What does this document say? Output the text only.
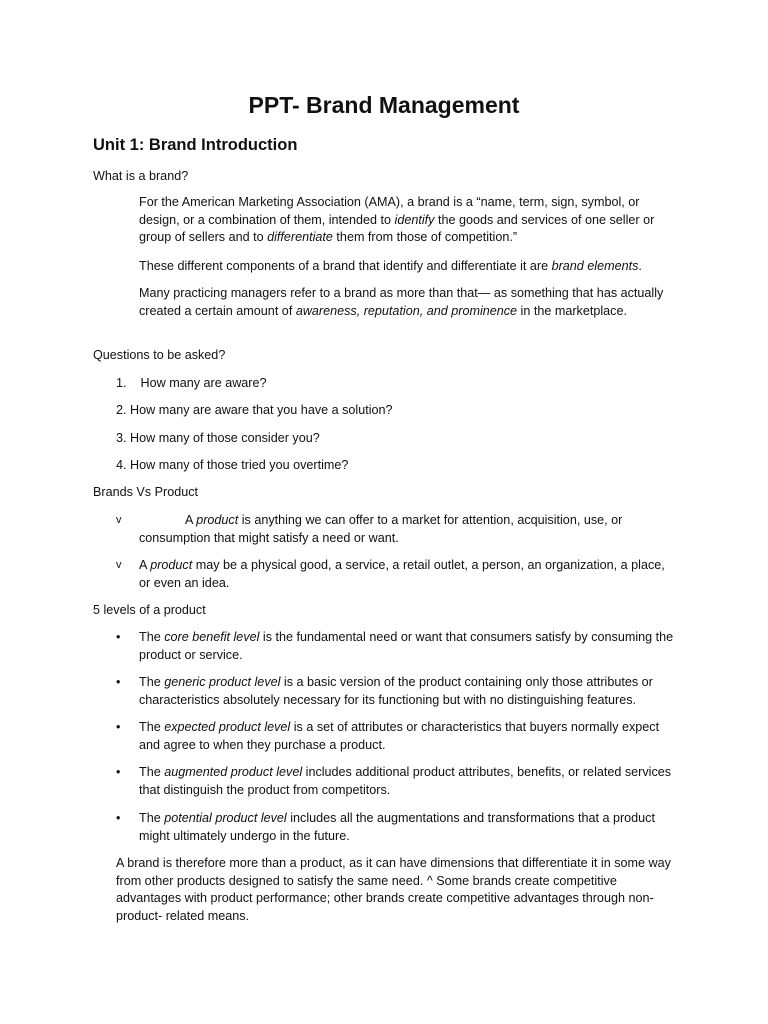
PPT- Brand Management
Unit 1: Brand Introduction

What is a brand?

For the American Marketing Association (AMA), a brand is a “name, term, sign, symbol, or design, or a combination of them, intended to identify the goods and services of one seller or group of sellers and to differentiate them from those of competition.”

These different components of a brand that identify and differentiate it are brand elements.

Many practicing managers refer to a brand as more than that— as something that has actually created a certain amount of awareness, reputation, and prominence in the marketplace.

Questions to be asked?

1. How many are aware?

2. How many are aware that you have a solution?

3. How many of those consider you?

4. How many of those tried you overtime?

Brands Vs Product

v	A product is anything we can offer to a market for attention, acquisition, use, or consumption that might satisfy a need or want.

v	A product may be a physical good, a service, a retail outlet, a person, an organization, a place, or even an idea.

5 levels of a product

•	The core benefit level is the fundamental need or want that consumers satisfy by consuming the product or service.

•	The generic product level is a basic version of the product containing only those attributes or characteristics absolutely necessary for its functioning but with no distinguishing features.

•	The expected product level is a set of attributes or characteristics that buyers normally expect and agree to when they purchase a product.

•	The augmented product level includes additional product attributes, benefits, or related services that distinguish the product from competitors.

•	The potential product level includes all the augmentations and transformations that a product might ultimately undergo in the future.

A brand is therefore more than a product, as it can have dimensions that differentiate it in some way from other products designed to satisfy the same need. ^ Some brands create competitive advantages with product performance; other brands create competitive advantages through non-product- related means.
